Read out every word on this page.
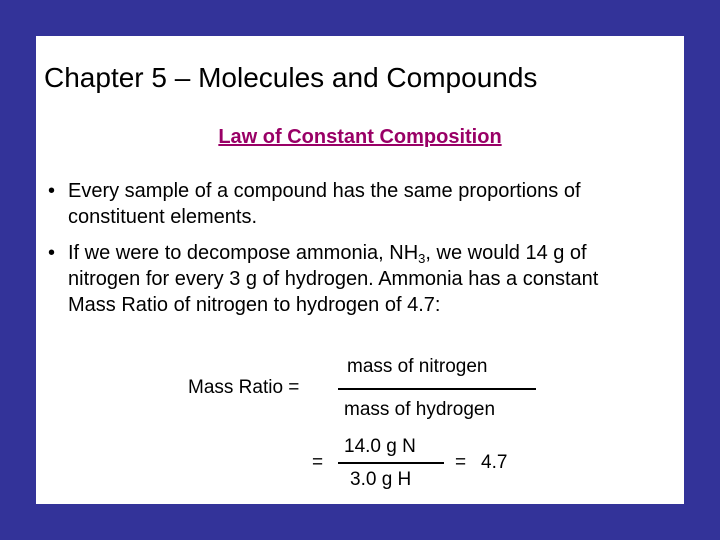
Chapter 5 – Molecules and Compounds
Law of Constant Composition
• Every sample of a compound has the same proportions of constituent elements.
• If we were to decompose ammonia, $NH_3$, we would 14 g of nitrogen for every 3 g of hydrogen. Ammonia has a constant Mass Ratio of nitrogen to hydrogen of 4.7:
Mass Ratio =
mass of nitrogen
mass of hydrogen
=
14.0 g N
3.0 g H
= 4.7
